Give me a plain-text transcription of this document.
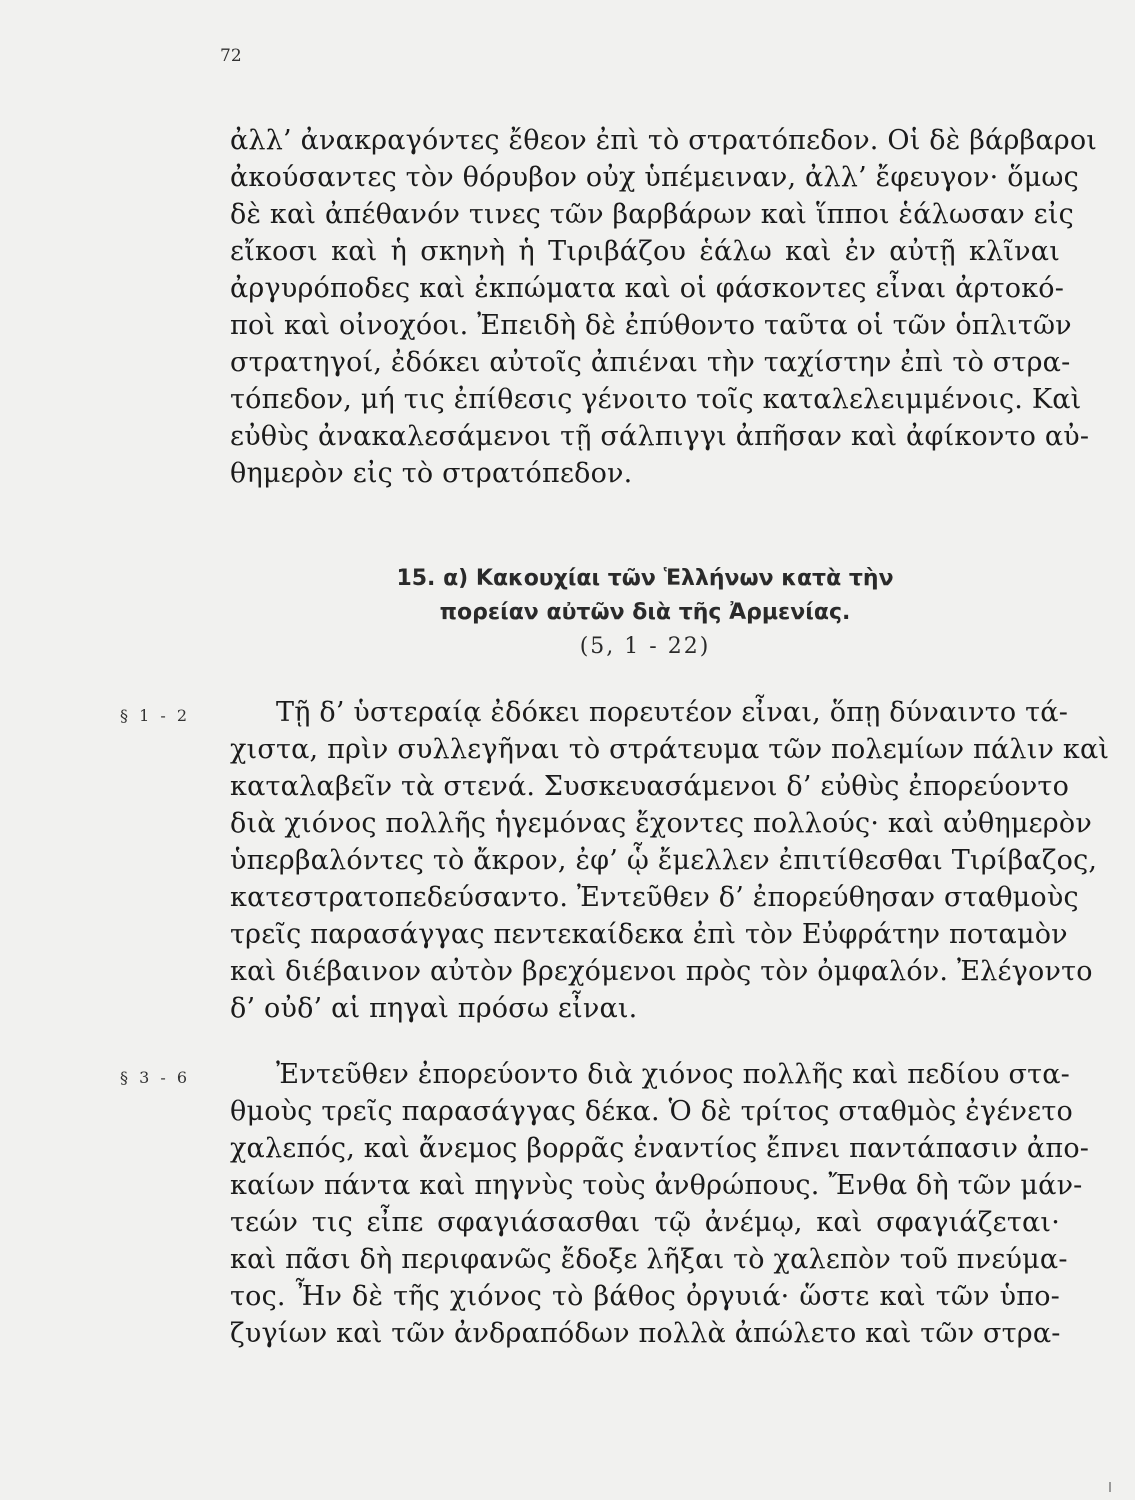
72
ἀλλ’ ἀνακραγόντες ἔθεον ἐπὶ τὸ στρατόπεδον. Οἱ δὲ βάρβαροι
ἀκούσαντες τὸν θόρυβον οὐχ ὑπέμειναν, ἀλλ’ ἔφευγον· ὅμως
δὲ καὶ ἀπέθανόν τινες τῶν βαρβάρων καὶ ἵπποι ἑάλωσαν εἰς
εἴκοσι καὶ ἡ σκηνὴ ἡ Τιριβάζου ἑάλω καὶ ἐν αὐτῇ κλῖναι
ἀργυρόποδες καὶ ἐκπώματα καὶ οἱ φάσκοντες εἶναι ἀρτοκό-
ποὶ καὶ οἰνοχόοι. Ἐπειδὴ δὲ ἐπύθοντο ταῦτα οἱ τῶν ὁπλιτῶν
στρατηγοί, ἐδόκει αὐτοῖς ἀπιέναι τὴν ταχίστην ἐπὶ τὸ στρα-
τόπεδον, μή τις ἐπίθεσις γένοιτο τοῖς καταλελειμμένοις. Καὶ
εὐθὺς ἀνακαλεσάμενοι τῇ σάλπιγγι ἀπῆσαν καὶ ἀφίκοντο αὐ-
θημερὸν εἰς τὸ στρατόπεδον.
15. α) Κακουχίαι τῶν Ἑλλήνων κατὰ τὴν
πορείαν αὐτῶν διὰ τῆς Ἀρμενίας.
(5, 1 - 22)
§ 1 - 2	Τῇ δ’ ὑστεραίᾳ ἐδόκει πορευτέον εἶναι, ὅπῃ δύναιντο τά-
χιστα, πρὶν συλλεγῆναι τὸ στράτευμα τῶν πολεμίων πάλιν καὶ
καταλαβεῖν τὰ στενά. Συσκευασάμενοι δ’ εὐθὺς ἐπορεύοντο
διὰ χιόνος πολλῆς ἡγεμόνας ἔχοντες πολλούς· καὶ αὐθημερὸν
ὑπερβαλόντες τὸ ἄκρον, ἐφ’ ᾧ ἔμελλεν ἐπιτίθεσθαι Τιρίβαζος,
κατεστρατοπεδεύσαντο. Ἐντεῦθεν δ’ ἐπορεύθησαν σταθμοὺς
τρεῖς παρασάγγας πεντεκαίδεκα ἐπὶ τὸν Εὐφράτην ποταμὸν
καὶ διέβαινον αὐτὸν βρεχόμενοι πρὸς τὸν ὀμφαλόν. Ἐλέγοντο
δ’ οὐδ’ αἱ πηγαὶ πρόσω εἶναι.
§ 3 - 6	Ἐντεῦθεν ἐπορεύοντο διὰ χιόνος πολλῆς καὶ πεδίου στα-
θμοὺς τρεῖς παρασάγγας δέκα. Ὁ δὲ τρίτος σταθμὸς ἐγένετο
χαλεπός, καὶ ἄνεμος βορρᾶς ἐναντίος ἔπνει παντάπασιν ἀπο-
καίων πάντα καὶ πηγνὺς τοὺς ἀνθρώπους. Ἔνθα δὴ τῶν μάν-
τεών τις εἶπε σφαγιάσασθαι τῷ ἀνέμῳ, καὶ σφαγιάζεται·
καὶ πᾶσι δὴ περιφανῶς ἔδοξε λῆξαι τὸ χαλεπὸν τοῦ πνεύμα-
τος. Ἦν δὲ τῆς χιόνος τὸ βάθος ὀργυιά· ὥστε καὶ τῶν ὑπο-
ζυγίων καὶ τῶν ἀνδραπόδων πολλὰ ἀπώλετο καὶ τῶν στρα-
